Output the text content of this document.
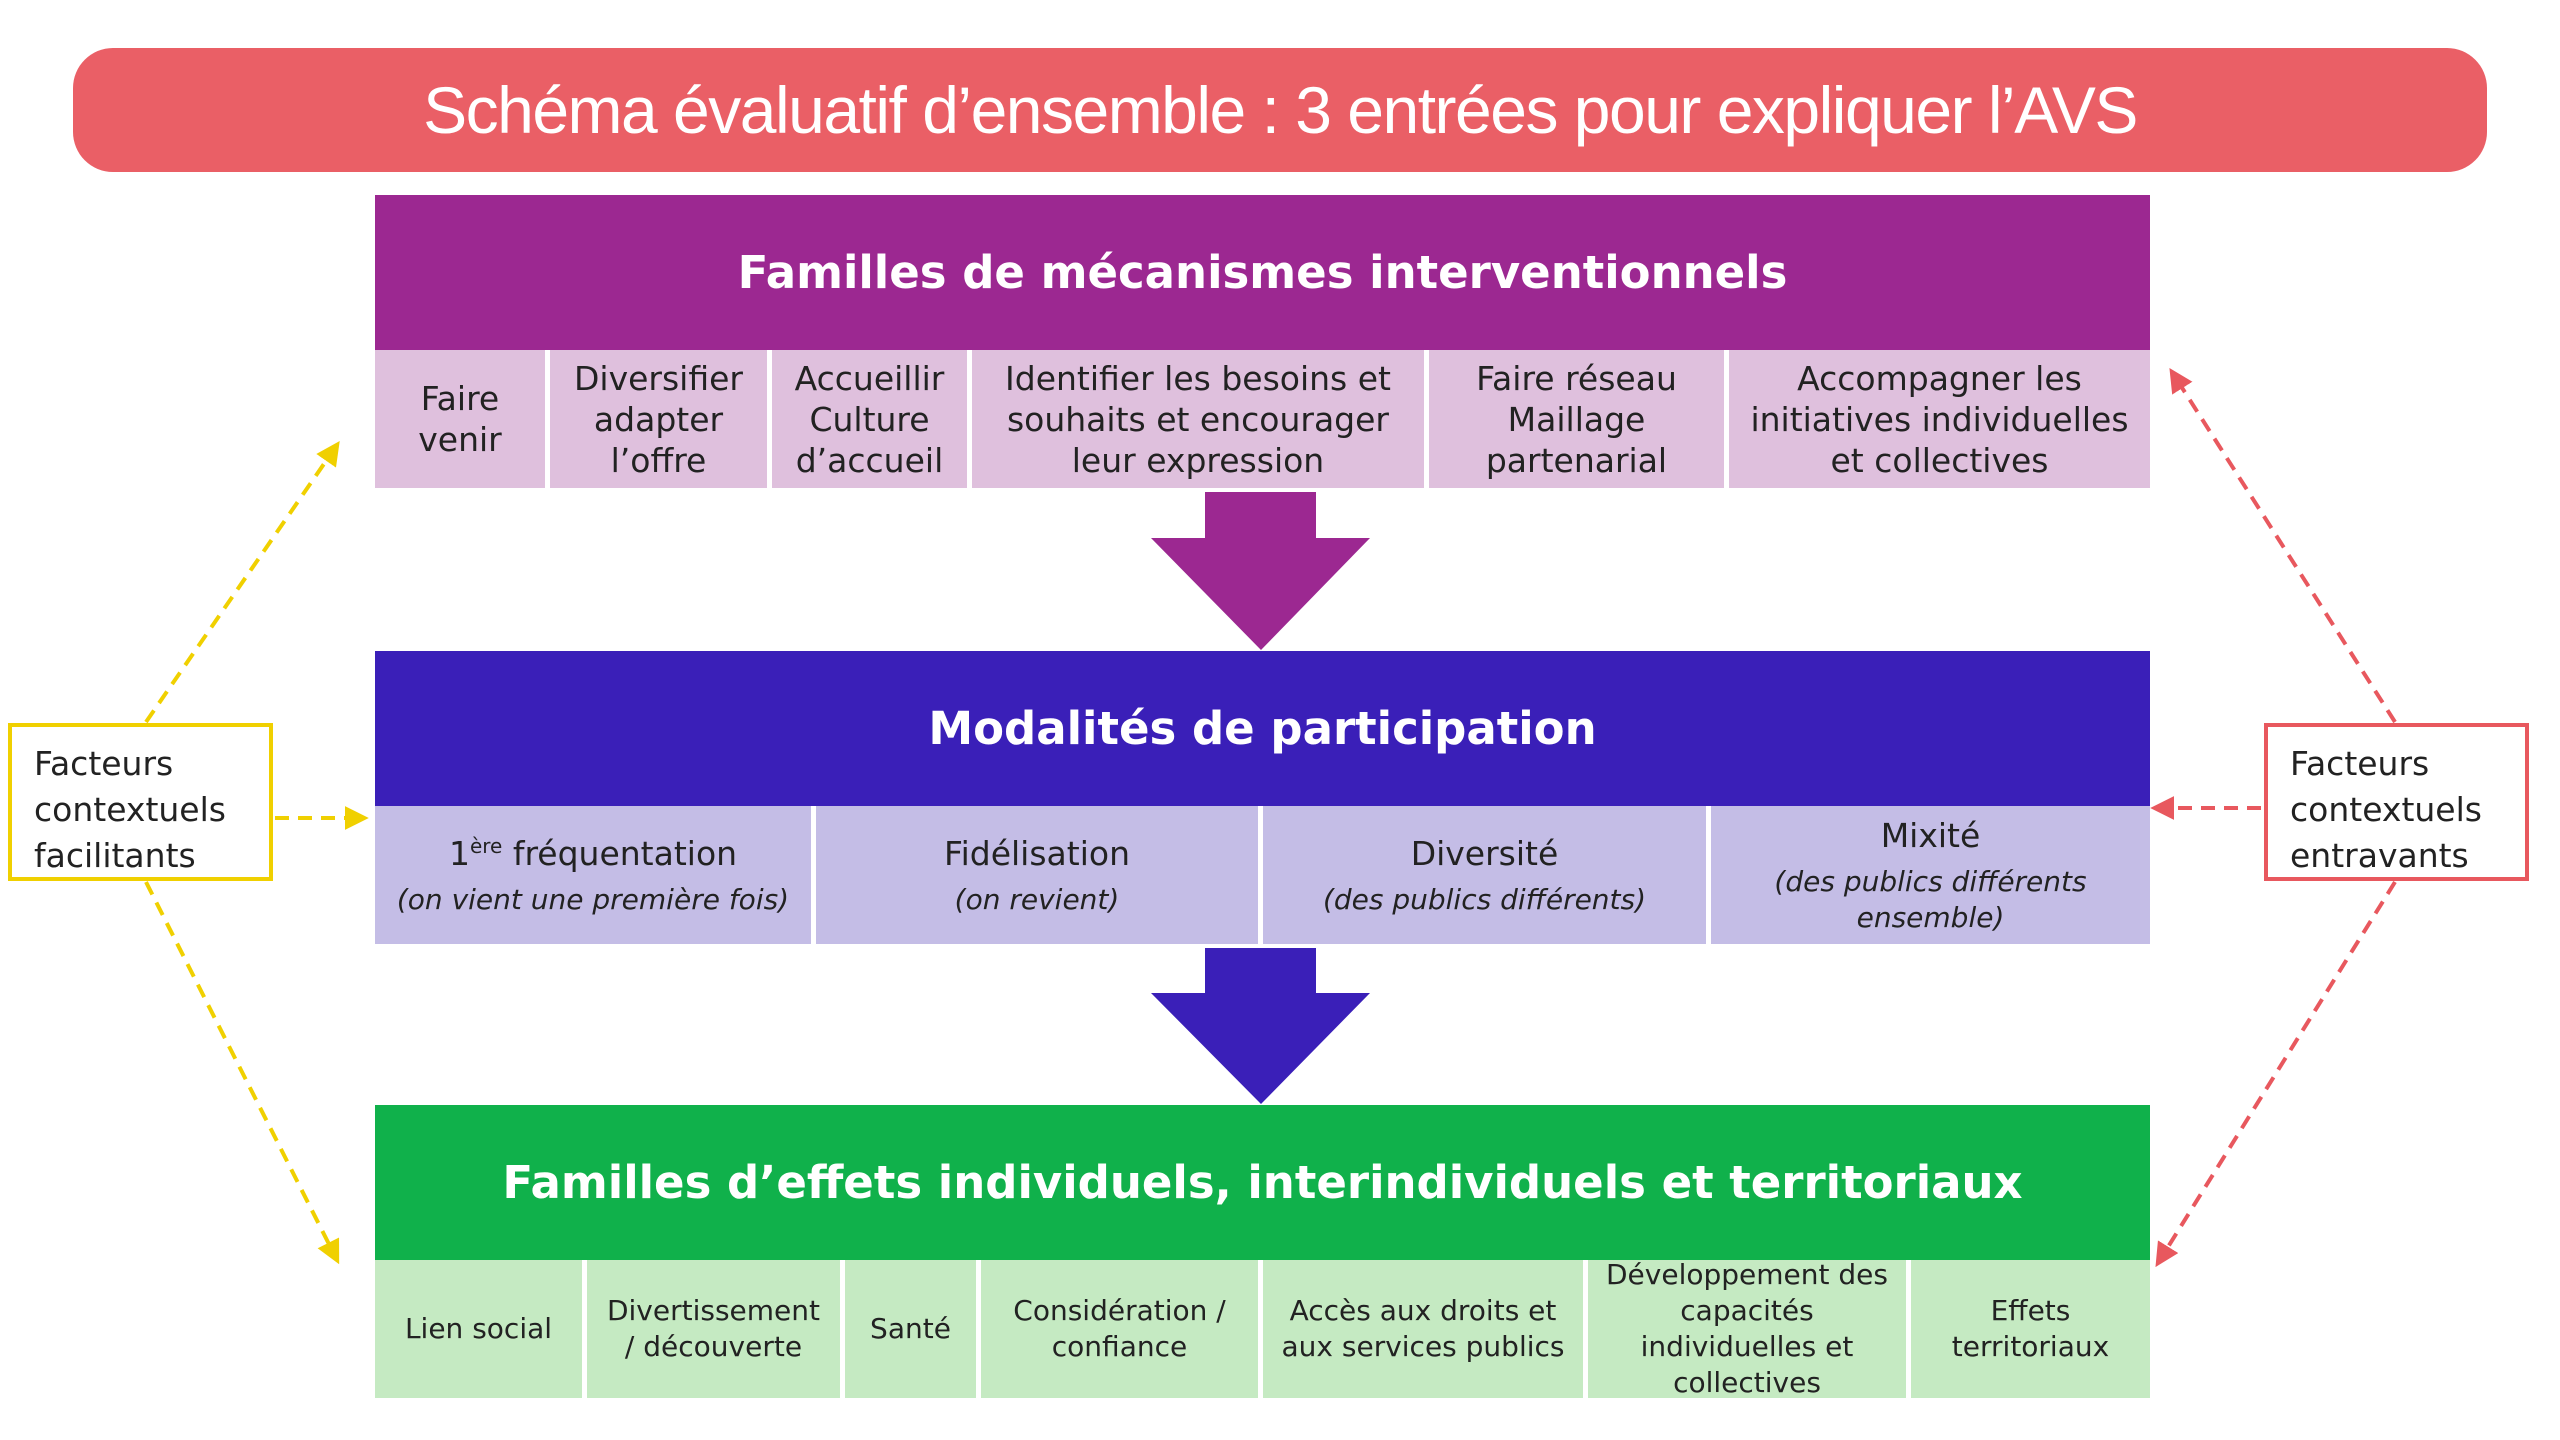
Schéma évaluatif d’ensemble : 3 entrées pour expliquer l’AVS
Familles de mécanismes interventionnels
Faire
venir
Diversifier
adapter
l’offre
Accueillir
Culture
d’accueil
Identifier les besoins et
souhaits et encourager
leur expression
Faire réseau
Maillage
partenarial
Accompagner les
initiatives individuelles
et collectives
Modalités de participation
1ère fréquentation
(on vient une première fois)
Fidélisation
(on revient)
Diversité
(des publics différents)
Mixité
(des publics différents
ensemble)
Familles d’effets individuels, interindividuels et territoriaux
Lien social
Divertissement
/ découverte
Santé
Considération /
confiance
Accès aux droits et
aux services publics
Développement des
capacités
individuelles et
collectives
Effets
territoriaux
Facteurs
contextuels
facilitants
Facteurs
contextuels
entravants
